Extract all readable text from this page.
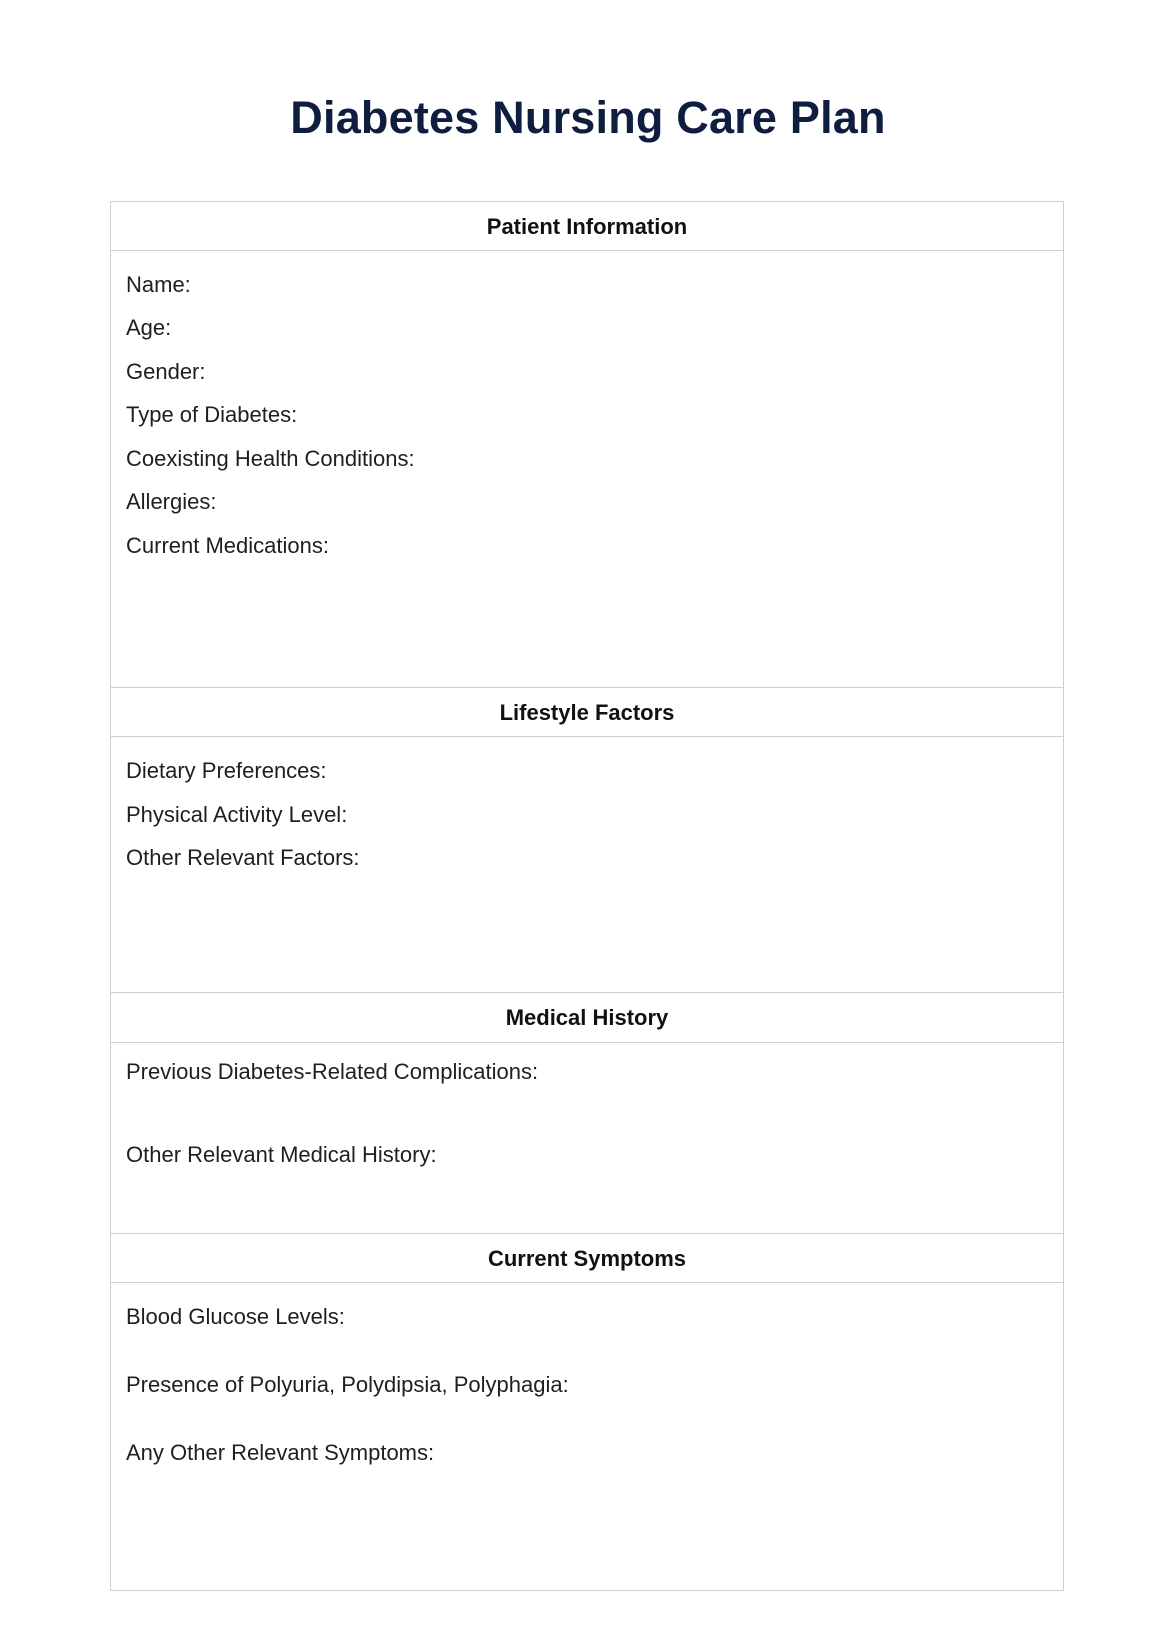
Diabetes Nursing Care Plan
Patient Information
Name:
Age:
Gender:
Type of Diabetes:
Coexisting Health Conditions:
Allergies:
Current Medications:
Lifestyle Factors
Dietary Preferences:
Physical Activity Level:
Other Relevant Factors:
Medical History
Previous Diabetes-Related Complications:
Other Relevant Medical History:
Current Symptoms
Blood Glucose Levels:
Presence of Polyuria, Polydipsia, Polyphagia:
Any Other Relevant Symptoms:
